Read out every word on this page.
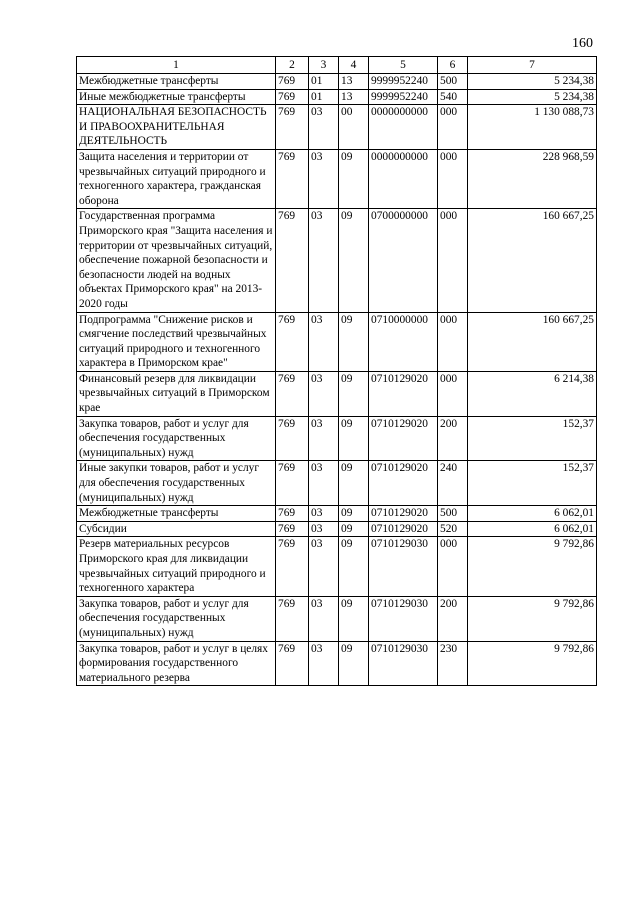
160
1	2	3	4	5	6	7
Межбюджетные трансферты	769	01	13	9999952240	500	5 234,38
Иные межбюджетные трансферты	769	01	13	9999952240	540	5 234,38
НАЦИОНАЛЬНАЯ БЕЗОПАСНОСТЬ И ПРАВООХРАНИТЕЛЬНАЯ ДЕЯТЕЛЬНОСТЬ	769	03	00	0000000000	000	1 130 088,73
Защита населения и территории от чрезвычайных ситуаций природного и техногенного характера, гражданская оборона	769	03	09	0000000000	000	228 968,59
Государственная программа Приморского края "Защита населения и территории от чрезвычайных ситуаций, обеспечение пожарной безопасности и безопасности людей на водных объектах Приморского края" на 2013-2020 годы	769	03	09	0700000000	000	160 667,25
Подпрограмма "Снижение рисков и смягчение последствий чрезвычайных ситуаций природного и техногенного характера в Приморском крае"	769	03	09	0710000000	000	160 667,25
Финансовый резерв для ликвидации чрезвычайных ситуаций в Приморском крае	769	03	09	0710129020	000	6 214,38
Закупка товаров, работ и услуг для обеспечения государственных (муниципальных) нужд	769	03	09	0710129020	200	152,37
Иные закупки товаров, работ и услуг для обеспечения государственных (муниципальных) нужд	769	03	09	0710129020	240	152,37
Межбюджетные трансферты	769	03	09	0710129020	500	6 062,01
Субсидии	769	03	09	0710129020	520	6 062,01
Резерв материальных ресурсов Приморского края для ликвидации чрезвычайных ситуаций природного и техногенного характера	769	03	09	0710129030	000	9 792,86
Закупка товаров, работ и услуг для обеспечения государственных (муниципальных) нужд	769	03	09	0710129030	200	9 792,86
Закупка товаров, работ и услуг в целях формирования государственного материального резерва	769	03	09	0710129030	230	9 792,86
